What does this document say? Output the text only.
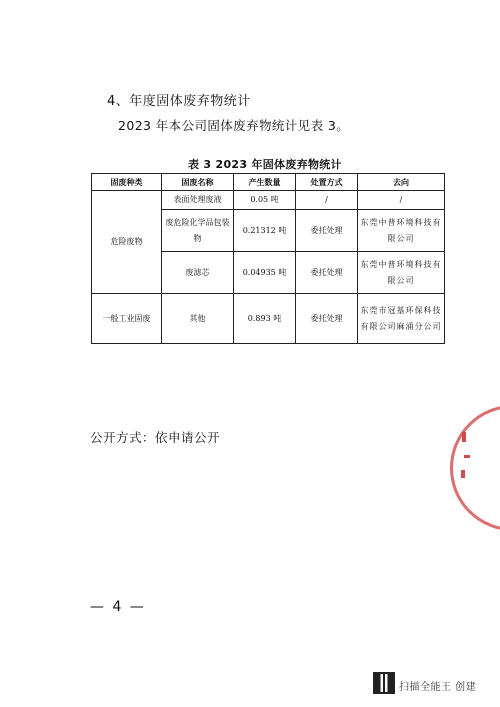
4、年度固体废弃物统计
2023 年本公司固体废弃物统计见表 3。
表 3 2023 年固体废弃物统计
固废种类	固废名称	产生数量	处置方式	去向
危险废物	表面处理废液	0.05 吨	/	/
	废危险化学品包装物	0.21312 吨	委托处理	东莞中普环境科技有限公司
	废滤芯	0.04935 吨	委托处理	东莞中普环境科技有限公司
一般工业固废	其他	0.893 吨	委托处理	东莞市冠基环保科技有限公司麻涌分公司
公开方式：依申请公开
— 4 —
扫描全能王 创建
